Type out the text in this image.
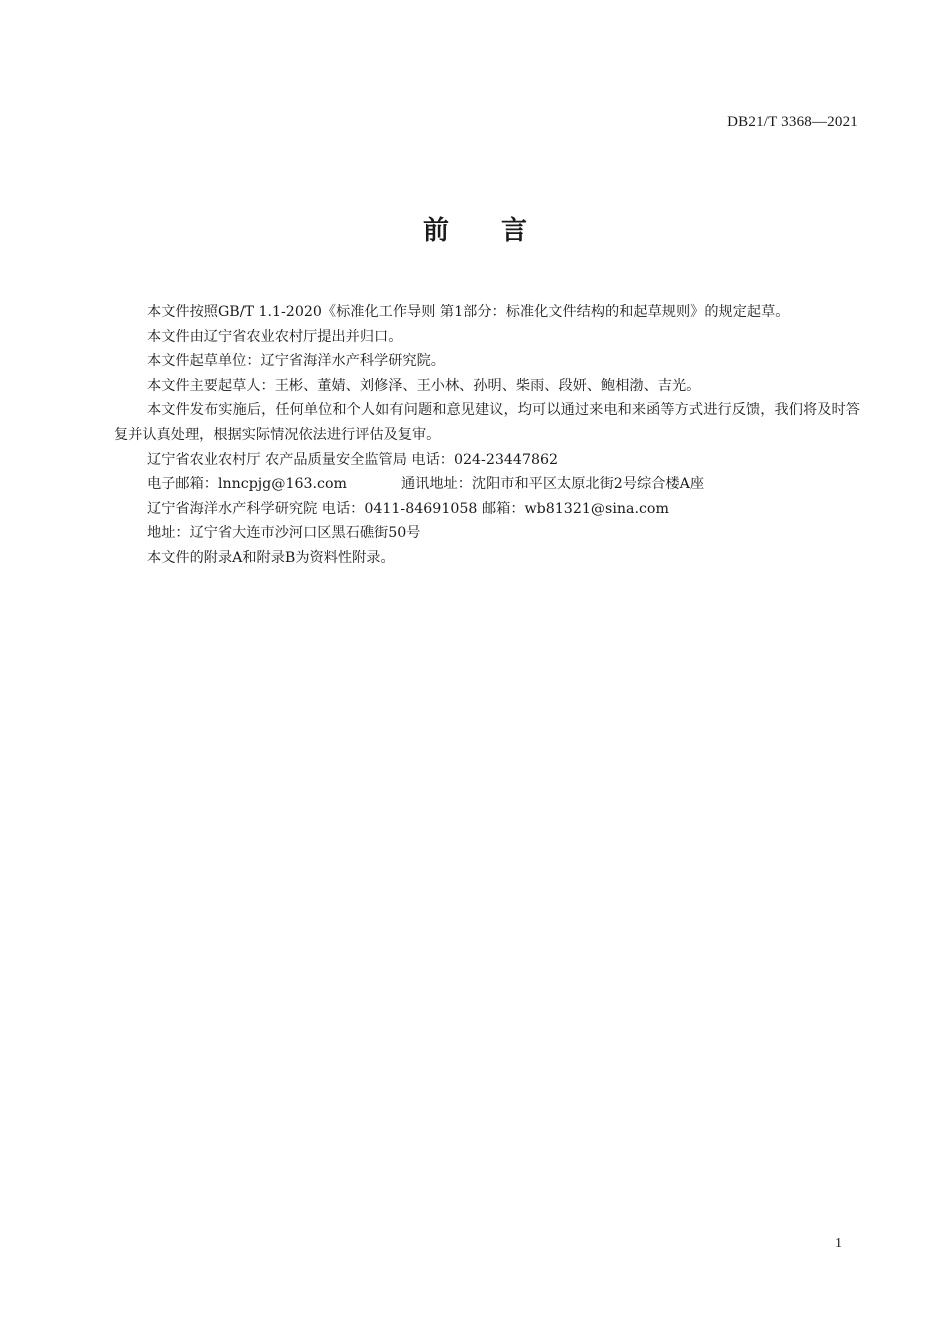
DB21/T 3368—2021
前 言

本文件按照GB/T 1.1-2020《标准化工作导则 第1部分：标准化文件结构的和起草规则》的规定起草。

本文件由辽宁省农业农村厅提出并归口。

本文件起草单位：辽宁省海洋水产科学研究院。

本文件主要起草人：王彬、董婧、刘修泽、王小林、孙明、柴雨、段妍、鲍相渤、吉光。

本文件发布实施后，任何单位和个人如有问题和意见建议，均可以通过来电和来函等方式进行反馈，我们将及时答复并认真处理，根据实际情况依法进行评估及复审。

辽宁省农业农村厅 农产品质量安全监管局 电话：024-23447862

电子邮箱：lnncpjg@163.com	通讯地址：沈阳市和平区太原北街2号综合楼A座

辽宁省海洋水产科学研究院 电话：0411-84691058 邮箱：wb81321@sina.com

地址：辽宁省大连市沙河口区黑石礁街50号

本文件的附录A和附录B为资料性附录。

1
